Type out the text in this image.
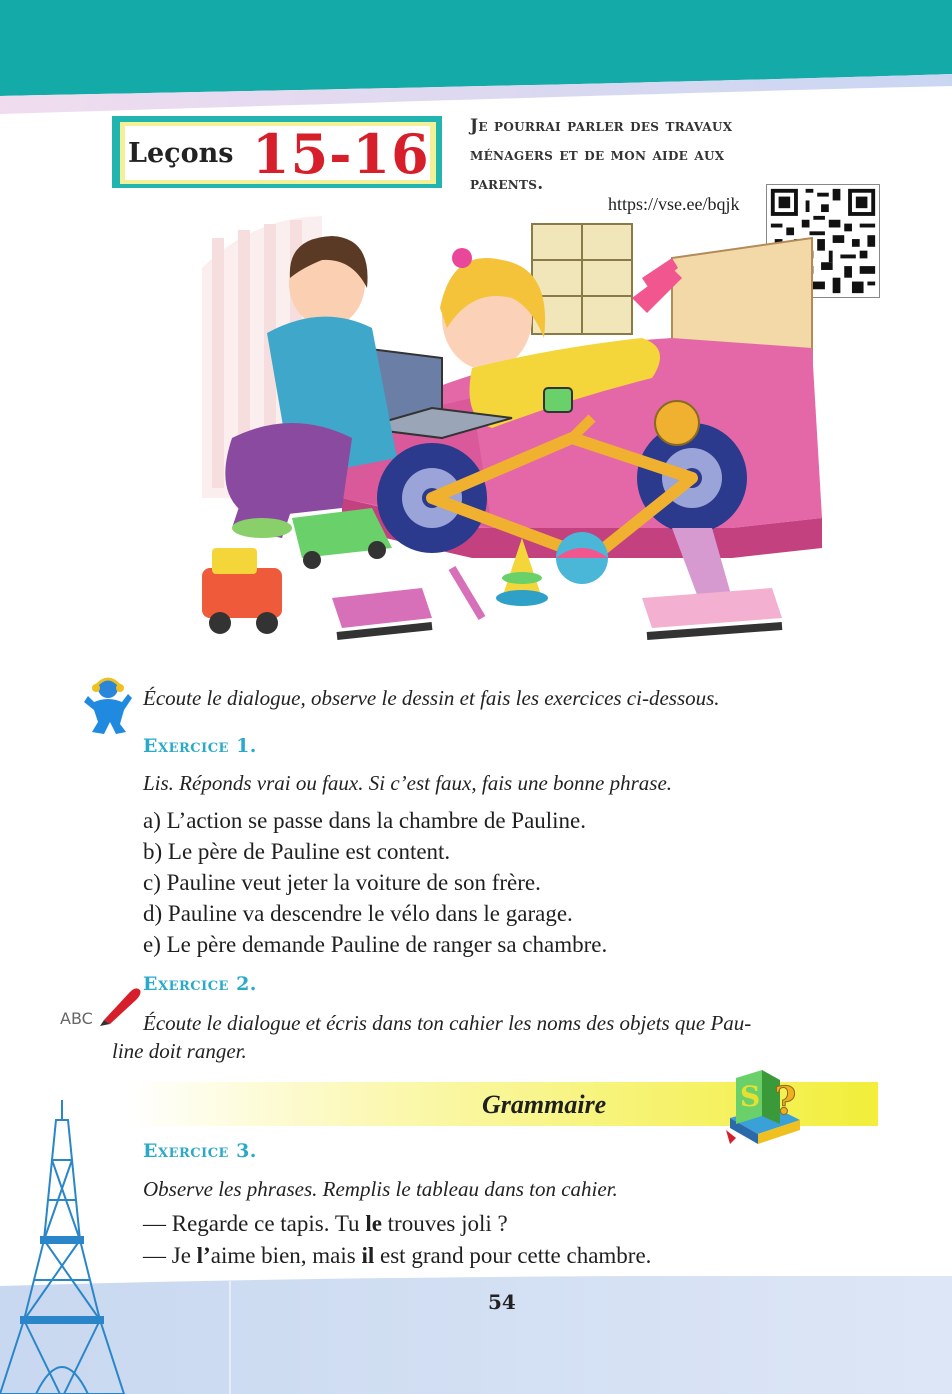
Leçons 15-16 Je pourrai parler des travaux
ménagers et de mon aide aux
parents.
https://vse.ee/bqjk
Écoute le dialogue, observe le dessin et fais les exercices ci-dessous.
Exercice 1.
Lis. Réponds vrai ou faux. Si c’est faux, fais une bonne phrase.
a) L’action se passe dans la chambre de Pauline.
b) Le père de Pauline est content.
c) Pauline veut jeter la voiture de son frère.
d) Pauline va descendre le vélo dans le garage.
e) Le père demande Pauline de ranger sa chambre.
Exercice 2.
ABC Écoute le dialogue et écris dans ton cahier les noms des objets que Pau-
line doit ranger.
Grammaire	S ?
Exercice 3.
Observe les phrases. Remplis le tableau dans ton cahier.
— Regarde ce tapis. Tu le trouves joli ?
— Je l’aime bien, mais il est grand pour cette chambre.
54
